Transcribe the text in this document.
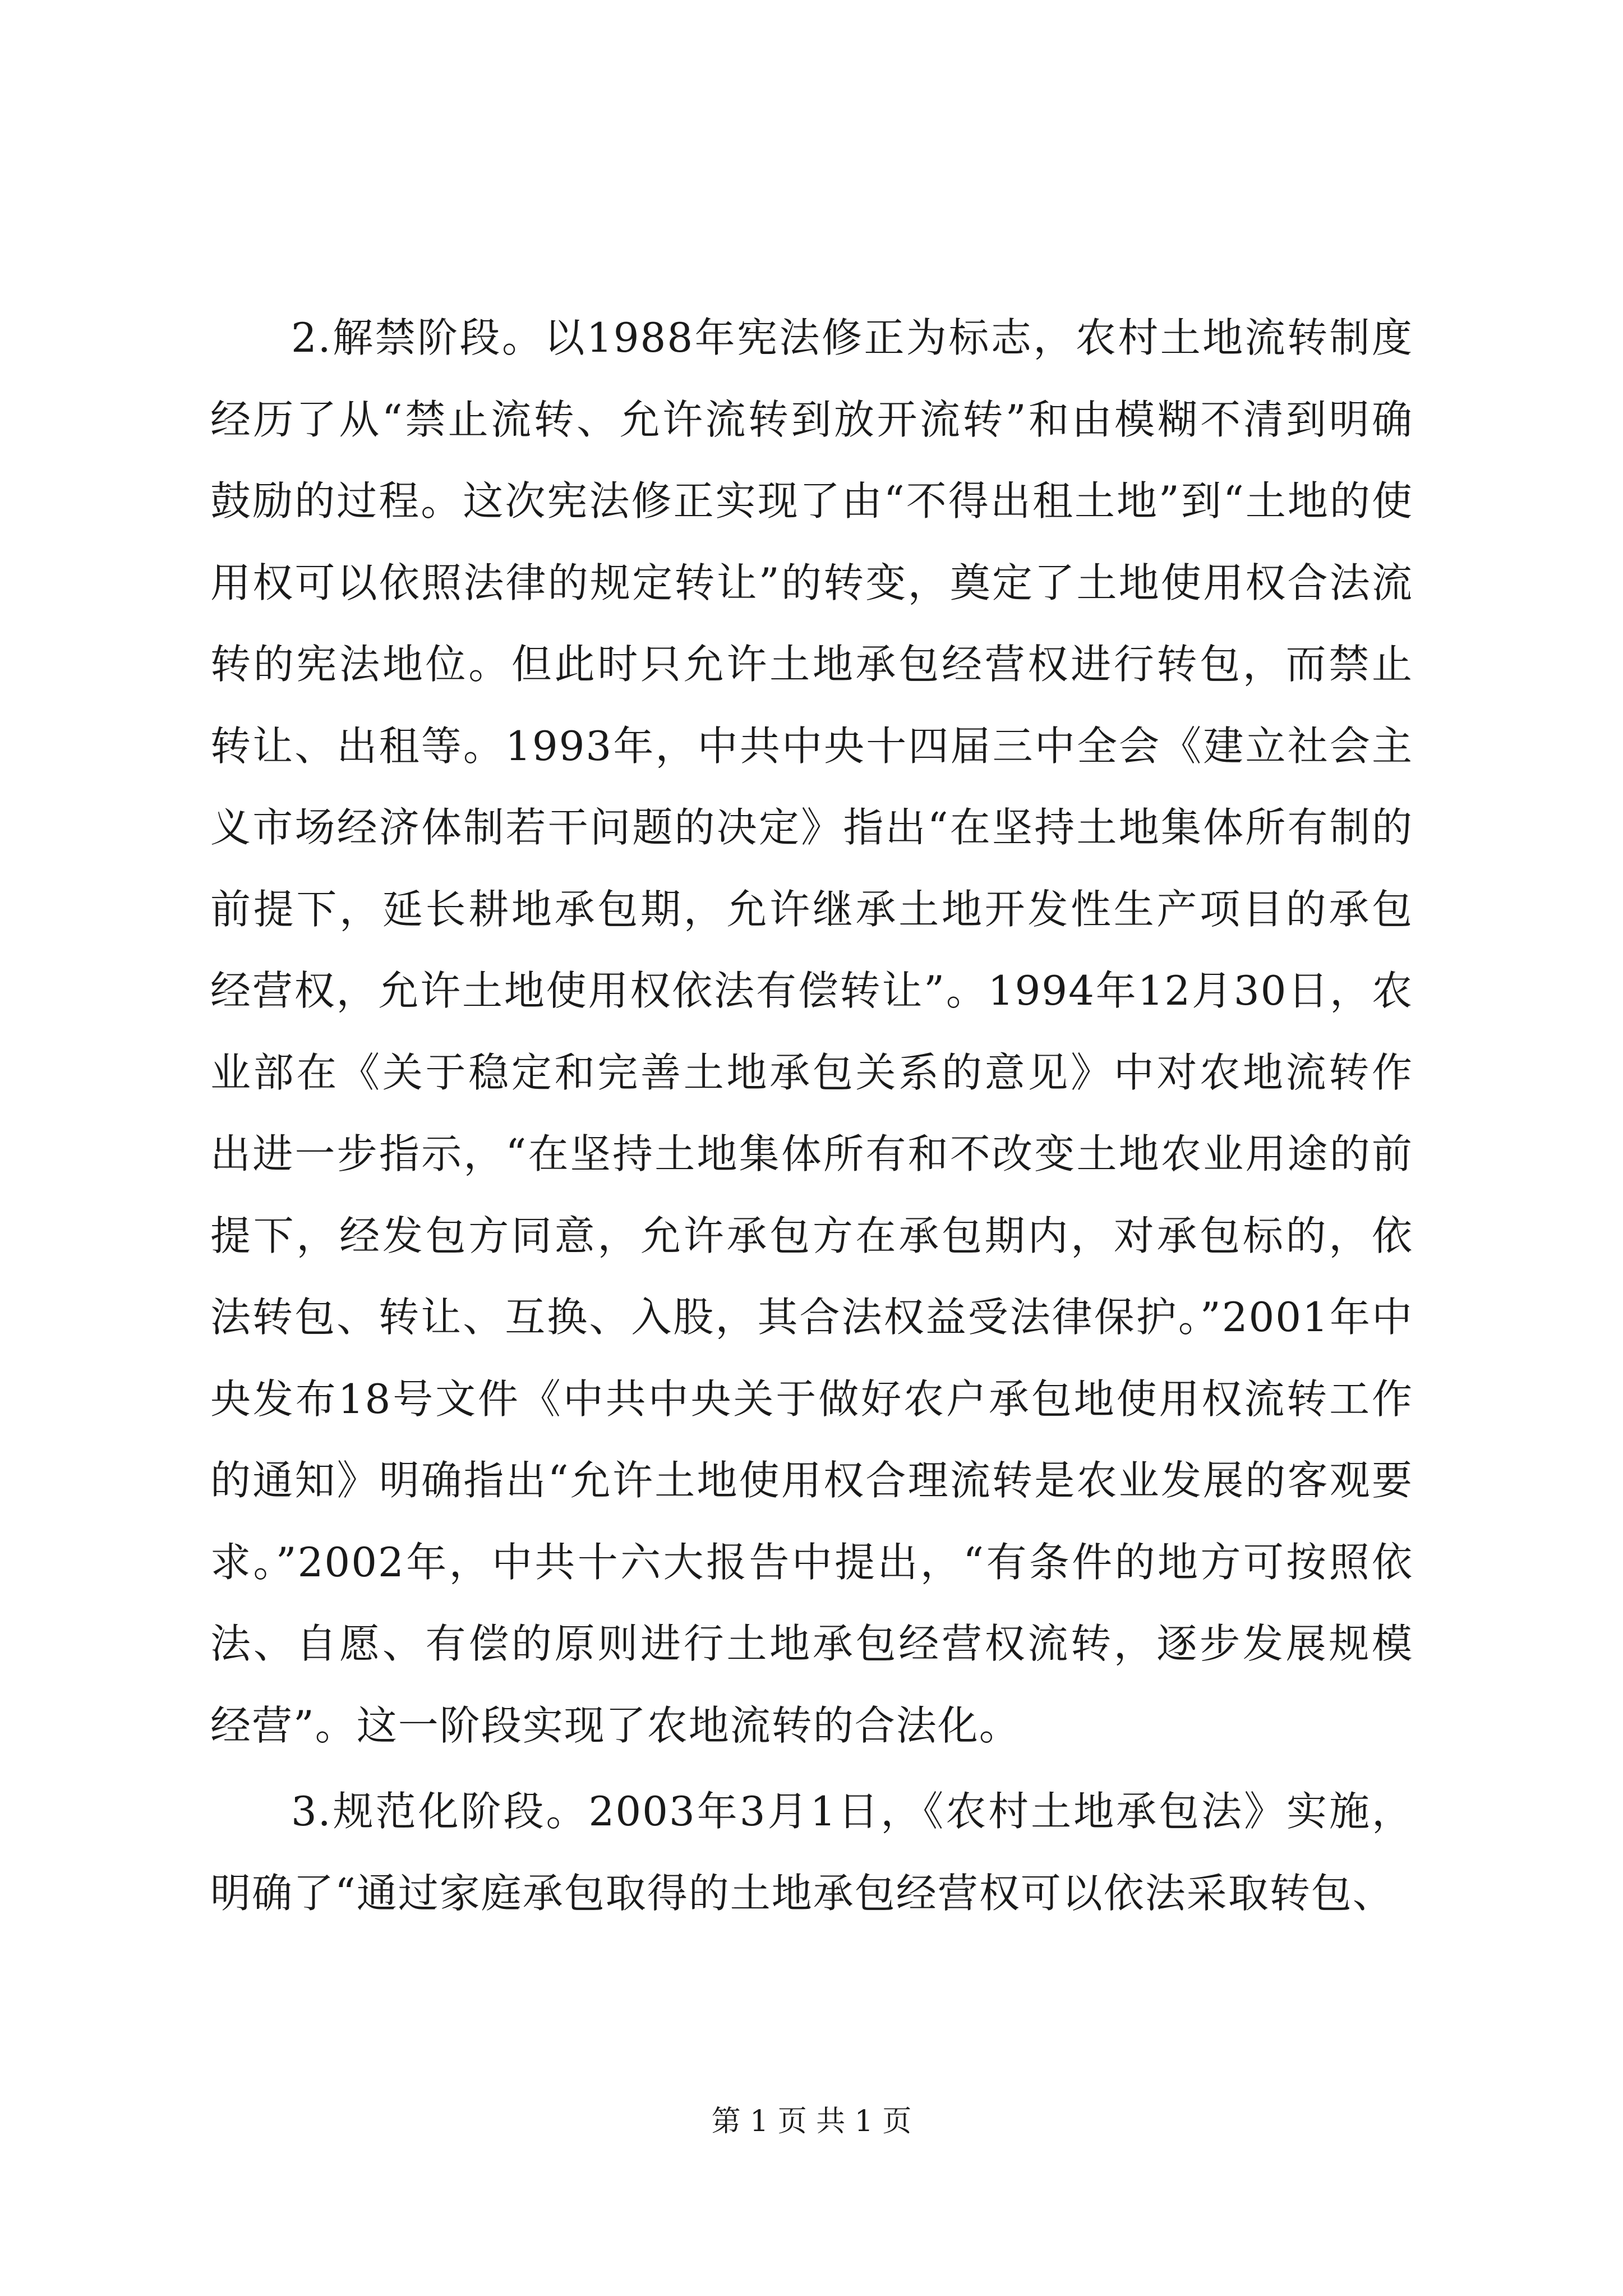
2.解禁阶段。以1988年宪法修正为标志，农村土地流转制度经历了从“禁止流转、允许流转到放开流转”和由模糊不清到明确鼓励的过程。这次宪法修正实现了由“不得出租土地”到“土地的使用权可以依照法律的规定转让”的转变，奠定了土地使用权合法流转的宪法地位。但此时只允许土地承包经营权进行转包，而禁止转让、出租等。1993年，中共中央十四届三中全会《建立社会主义市场经济体制若干问题的决定》指出“在坚持土地集体所有制的前提下，延长耕地承包期，允许继承土地开发性生产项目的承包经营权，允许土地使用权依法有偿转让”。1994年12月30日，农业部在《关于稳定和完善土地承包关系的意见》中对农地流转作出进一步指示，“在坚持土地集体所有和不改变土地农业用途的前提下，经发包方同意，允许承包方在承包期内，对承包标的，依法转包、转让、互换、入股，其合法权益受法律保护。”2001年中央发布18号文件《中共中央关于做好农户承包地使用权流转工作的通知》明确指出“允许土地使用权合理流转是农业发展的客观要求。”2002年，中共十六大报告中提出，“有条件的地方可按照依法、自愿、有偿的原则进行土地承包经营权流转，逐步发展规模经营”。这一阶段实现了农地流转的合法化。

3.规范化阶段。2003年3月1日，《农村土地承包法》实施，明确了“通过家庭承包取得的土地承包经营权可以依法采取转包、

第 1 页 共 1 页
